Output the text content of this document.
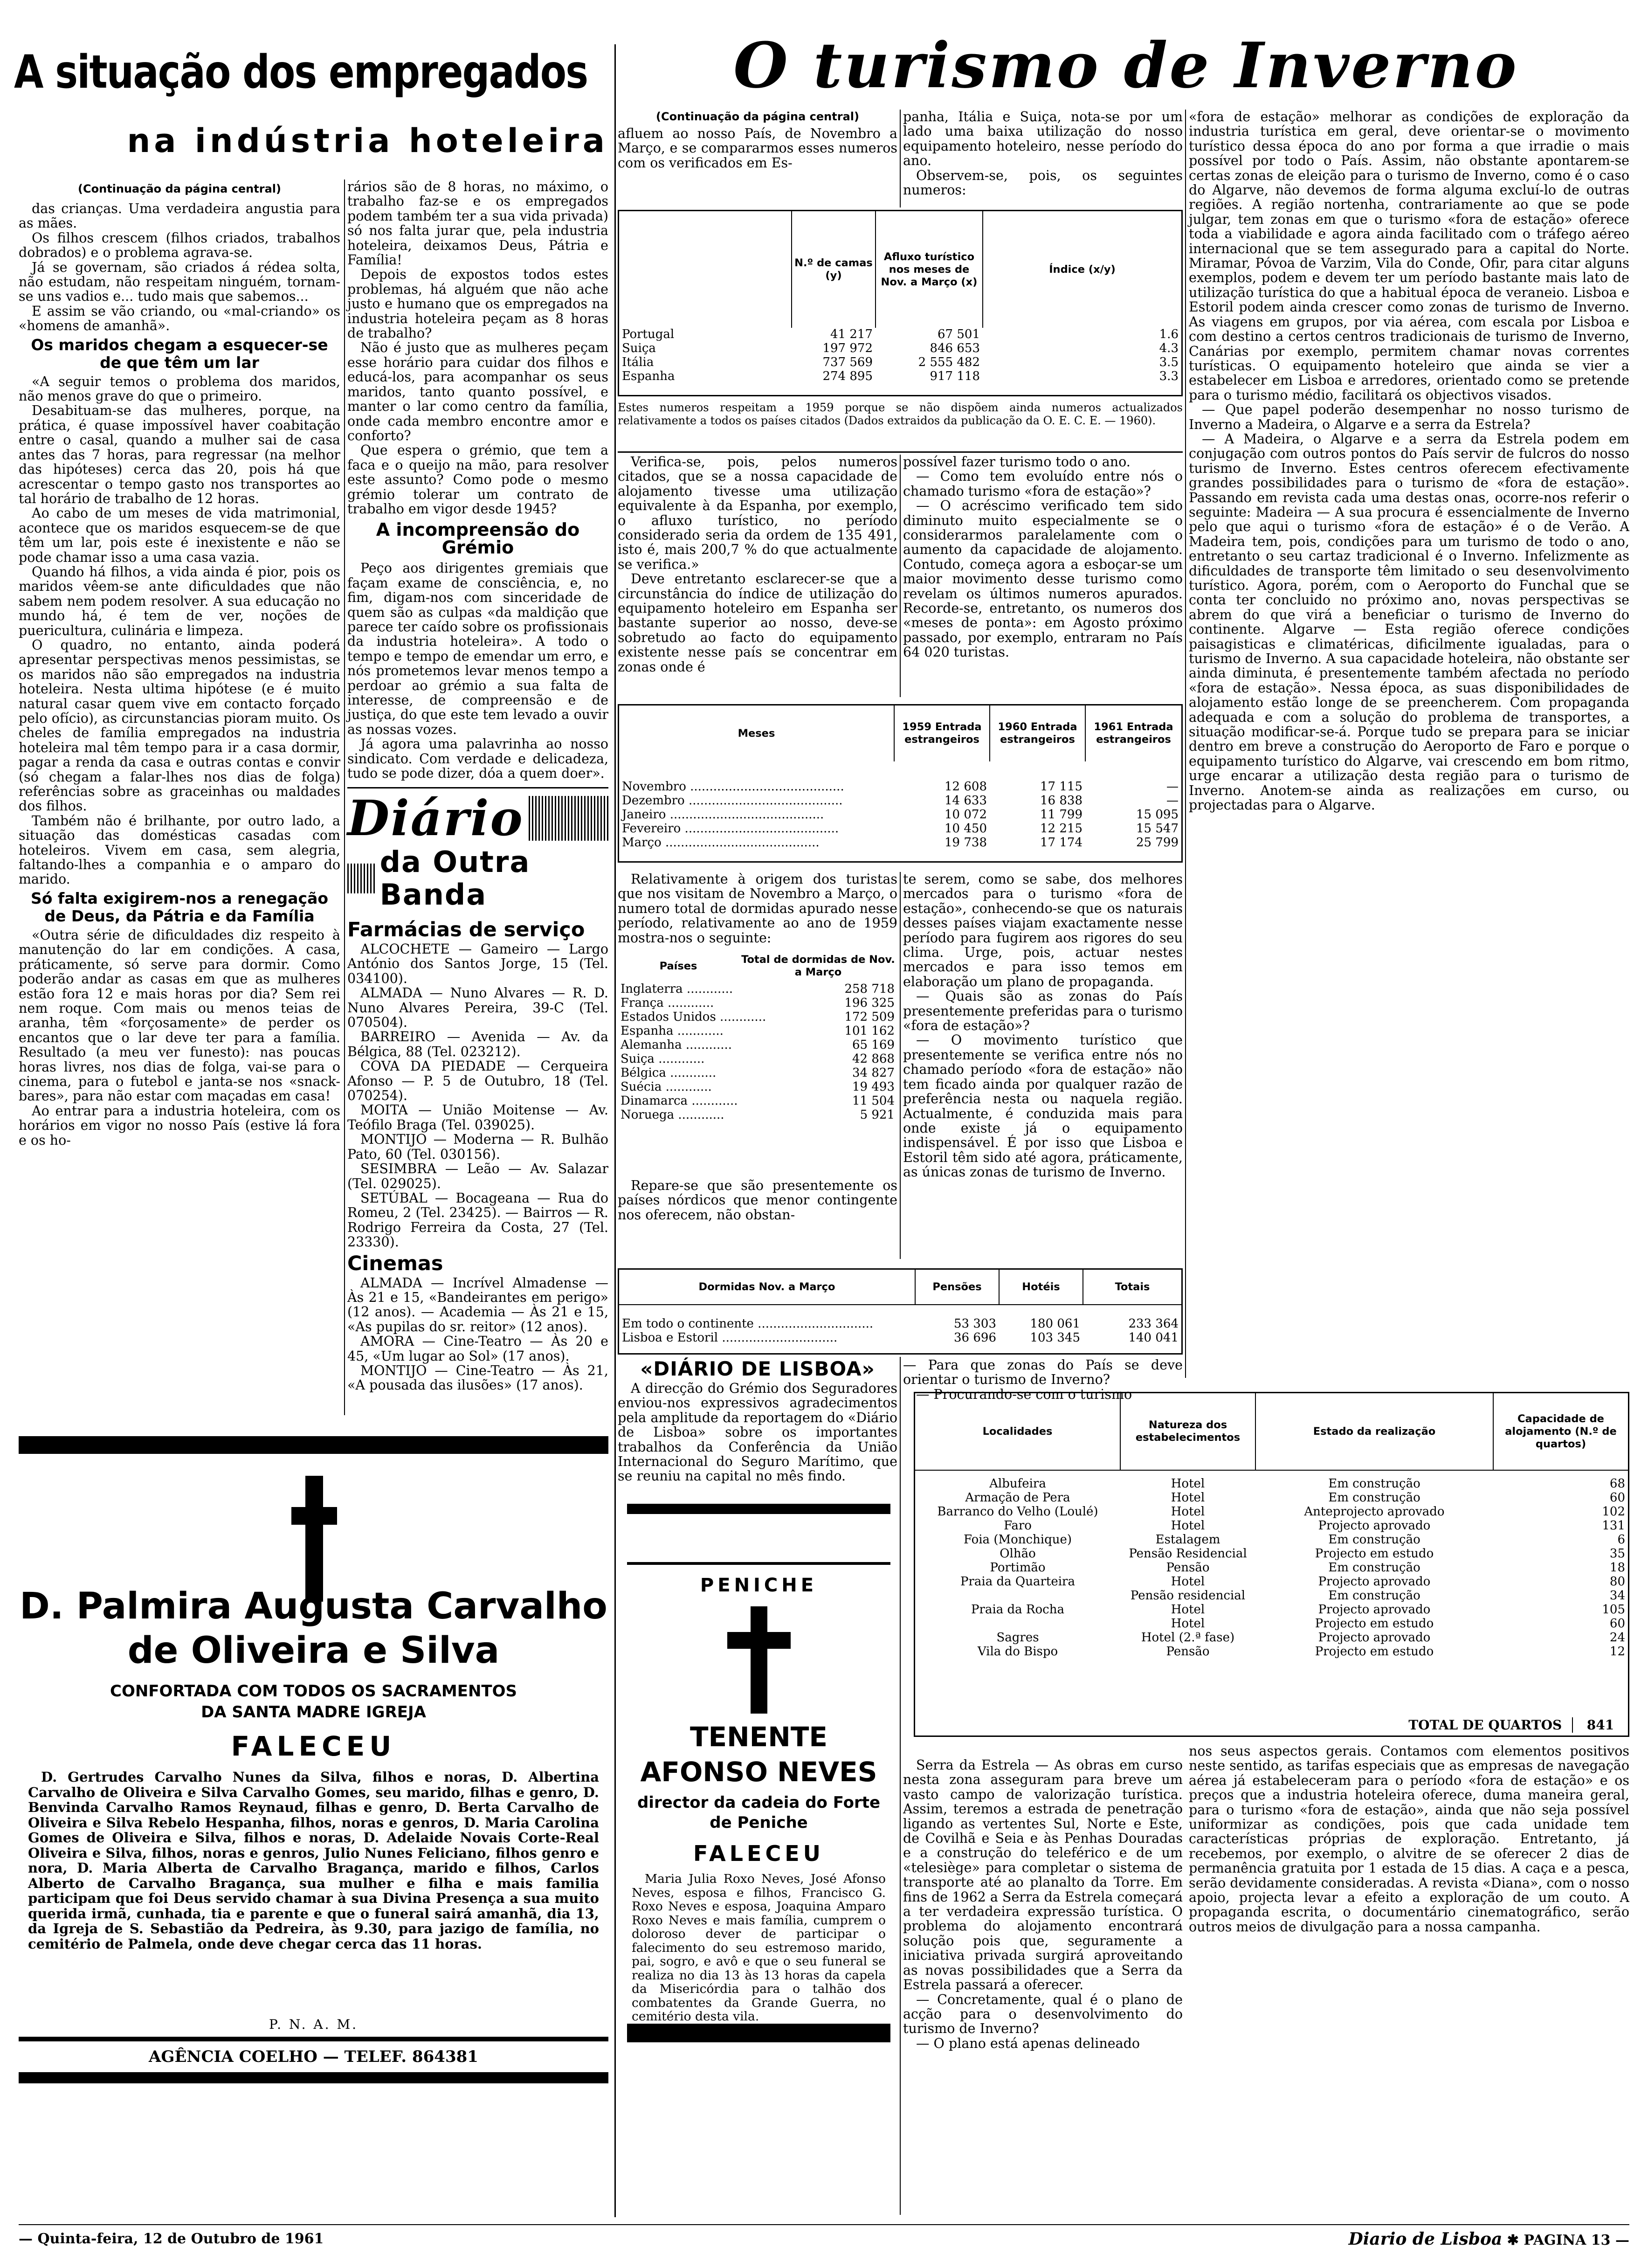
A situação dos empregados
na indústria hoteleira
(Continuação da página central)

das crianças. Uma verdadeira angustia para as mães.

Os filhos crescem (filhos criados, trabalhos dobrados) e o problema agrava-se.

Já se governam, são criados á rédea solta, não estudam, não respeitam ninguém, tornam-se uns vadios e... tudo mais que sabemos...

E assim se vão criando, ou «mal-criando» os «homens de amanhã».

Os maridos chegam a esquecer-se de que têm um lar

«A seguir temos o problema dos maridos, não menos grave do que o primeiro.

Desabituam-se das mulheres, porque, na prática, é quase impossível haver coabitação entre o casal, quando a mulher sai de casa antes das 7 horas, para regressar (na melhor das hipóteses) cerca das 20, pois há que acrescentar o tempo gasto nos transportes ao tal horário de trabalho de 12 horas.

Ao cabo de um meses de vida matrimonial, acontece que os maridos esquecem-se de que têm um lar, pois este é inexistente e não se pode chamar isso a uma casa vazia.

Quando há filhos, a vida ainda é pior, pois os maridos vêem-se ante dificuldades que não sabem nem podem resolver. A sua educação no mundo há, é tem de ver, noções de puericultura, culinária e limpeza.

O quadro, no entanto, ainda poderá apresentar perspectivas menos pessimistas, se os maridos não são empregados na industria hoteleira. Nesta ultima hipótese (e é muito natural casar quem vive em contacto forçado pelo ofício), as circunstancias pioram muito. Os cheles de família empregados na industria hoteleira mal têm tempo para ir a casa dormir, pagar a renda da casa e outras contas e convir (só chegam a falar-lhes nos dias de folga) referências sobre as graceinhas ou maldades dos filhos.

Também não é brilhante, por outro lado, a situação das domésticas casadas com hoteleiros. Vivem em casa, sem alegria, faltando-lhes a companhia e o amparo do marido.

Só falta exigirem-nos a renegação de Deus, da Pátria e da Família

«Outra série de dificuldades diz respeito à manutenção do lar em condições. A casa, práticamente, só serve para dormir. Como poderão andar as casas em que as mulheres estão fora 12 e mais horas por dia? Sem rei nem roque. Com mais ou menos teias de aranha, têm «forçosamente» de perder os encantos que o lar deve ter para a família. Resultado (a meu ver funesto): nas poucas horas livres, nos dias de folga, vai-se para o cinema, para o futebol e janta-se nos «snack-bares», para não estar com maçadas em casa!

Ao entrar para a industria hoteleira, com os horários em vigor no nosso País (estive lá fora e os ho-

rários são de 8 horas, no máximo, o trabalho faz-se e os empregados podem também ter a sua vida privada) só nos falta jurar que, pela industria hoteleira, deixamos Deus, Pátria e Família!

Depois de expostos todos estes problemas, há alguém que não ache justo e humano que os empregados na industria hoteleira peçam as 8 horas de trabalho?

Não é justo que as mulheres peçam esse horário para cuidar dos filhos e educá-los, para acompanhar os seus maridos, tanto quanto possível, e manter o lar como centro da família, onde cada membro encontre amor e conforto?

Que espera o grémio, que tem a faca e o queijo na mão, para resolver este assunto? Como pode o mesmo grémio tolerar um contrato de trabalho em vigor desde 1945?

A incompreensão do Grémio

Peço aos dirigentes gremiais que façam exame de consciência, e, no fim, digam-nos com sinceridade de quem são as culpas «da maldição que parece ter caído sobre os profissionais da industria hoteleira». A todo o tempo e tempo de emendar um erro, e nós prometemos levar menos tempo a perdoar ao grémio a sua falta de interesse, de compreensão e de justiça, do que este tem levado a ouvir as nossas vozes.

Já agora uma palavrinha ao nosso sindicato. Com verdade e delicadeza, tudo se pode dizer, dóa a quem doer».

Diário
da Outra Banda
Farmácias de serviço

ALCOCHETE — Gameiro — Largo António dos Santos Jorge, 15 (Tel. 034100).

ALMADA — Nuno Alvares — R. D. Nuno Alvares Pereira, 39-C (Tel. 070504).

BARREIRO — Avenida — Av. da Bélgica, 88 (Tel. 023212).

COVA DA PIEDADE — Cerqueira Afonso — P. 5 de Outubro, 18 (Tel. 070254).

MOITA — União Moitense — Av. Teófilo Braga (Tel. 039025).

MONTIJO — Moderna — R. Bulhão Pato, 60 (Tel. 030156).

SESIMBRA — Leão — Av. Salazar (Tel. 029025).

SETÚBAL — Bocageana — Rua do Romeu, 2 (Tel. 23425). — Bairros — R. Rodrigo Ferreira da Costa, 27 (Tel. 23330).

Cinemas

ALMADA — Incrível Almadense — Às 21 e 15, «Bandeirantes em perigo» (12 anos). — Academia — Às 21 e 15, «As pupilas do sr. reitor» (12 anos).

AMORA — Cine-Teatro — Às 20 e 45, «Um lugar ao Sol» (17 anos).

MONTIJO — Cine-Teatro — Às 21, «A pousada das ilusões» (17 anos).

D. Palmira Augusta Carvalho
de Oliveira e Silva
CONFORTADA COM TODOS OS SACRAMENTOS
DA SANTA MADRE IGREJA
FALECEU

D. Gertrudes Carvalho Nunes da Silva, filhos e noras, D. Albertina Carvalho de Oliveira e Silva Carvalho Gomes, seu marido, filhas e genro, D. Benvinda Carvalho Ramos Reynaud, filhas e genro, D. Berta Carvalho de Oliveira e Silva Rebelo Hespanha, filhos, noras e genros, D. Maria Carolina Gomes de Oliveira e Silva, filhos e noras, D. Adelaide Novais Corte-Real Oliveira e Silva, filhos, noras e genros, Julio Nunes Feliciano, filhos genro e nora, D. Maria Alberta de Carvalho Bragança, marido e filhos, Carlos Alberto de Carvalho Bragança, sua mulher e filha e mais familia participam que foi Deus servido chamar à sua Divina Presença a sua muito querida irmã, cunhada, tia e parente e que o funeral sairá amanhã, dia 13, da Igreja de S. Sebastião da Pedreira, às 9.30, para jazigo de família, no cemitério de Palmela, onde deve chegar cerca das 11 horas.

P. N. A. M.
AGÊNCIA COELHO — TELEF. 864381
O turismo de Inverno
(Continuação da página central)

afluem ao nosso País, de Novembro a Março, e se compararmos esses numeros com os verificados em Es-

panha, Itália e Suiça, nota-se por um lado uma baixa utilização do nosso equipamento hoteleiro, nesse período do ano.

Observem-se, pois, os seguintes numeros:

	N.º de camas (y)	Afluxo turístico nos meses de Nov. a Março (x)	Índice (x/y)
Portugal	41 217	67 501	1.6
Suiça	197 972	846 653	4.3
Itália	737 569	2 555 482	3.5
Espanha	274 895	917 118	3.3
Estes numeros respeitam a 1959 porque se não dispõem ainda numeros actualizados relativamente a todos os países citados (Dados extraidos da publicação da O. E. C. E. — 1960).

Verifica-se, pois, pelos numeros citados, que se a nossa capacidade de alojamento tivesse uma utilização equivalente à da Espanha, por exemplo, o afluxo turístico, no período considerado seria da ordem de 135 491, isto é, mais 200,7 % do que actualmente se verifica.»

Deve entretanto esclarecer-se que a circunstância do índice de utilização do equipamento hoteleiro em Espanha ser bastante superior ao nosso, deve-se sobretudo ao facto do equipamento existente nesse país se concentrar em zonas onde é

possível fazer turismo todo o ano.

— Como tem evoluído entre nós o chamado turismo «fora de estação»?

— O acréscimo verificado tem sido diminuto muito especialmente se o considerarmos paralelamente com o aumento da capacidade de alojamento. Contudo, começa agora a esboçar-se um maior movimento desse turismo como revelam os últimos numeros apurados. Recorde-se, entretanto, os numeros dos «meses de ponta»: em Agosto próximo passado, por exemplo, entraram no País 64 020 turistas.

Meses	1959 Entrada estrangeiros	1960 Entrada estrangeiros	1961 Entrada estrangeiros
Novembro ........................................	12 608	17 115	—
Dezembro ........................................	14 633	16 838	—
Janeiro ........................................	10 072	11 799	15 095
Fevereiro ........................................	10 450	12 215	15 547
Março ........................................	19 738	17 174	25 799

Relativamente à origem dos turistas que nos visitam de Novembro a Março, o numero total de dormidas apurado nesse período, relativamente ao ano de 1959 mostra-nos o seguinte:

Países	Total de dormidas de Nov. a Março
Inglaterra ............	258 718
França ............	196 325
Estados Unidos ............	172 509
Espanha ............	101 162
Alemanha ............	65 169
Suiça ............	42 868
Bélgica ............	34 827
Suécia ............	19 493
Dinamarca ............	11 504
Noruega ............	5 921

Repare-se que são presentemente os países nórdicos que menor contingente nos oferecem, não obstan-

te serem, como se sabe, dos melhores mercados para o turismo «fora de estação», conhecendo-se que os naturais desses países viajam exactamente nesse período para fugirem aos rigores do seu clima. Urge, pois, actuar nestes mercados e para isso temos em elaboração um plano de propaganda.

— Quais são as zonas do País presentemente preferidas para o turismo «fora de estação»?

— O movimento turístico que presentemente se verifica entre nós no chamado período «fora de estação» não tem ficado ainda por qualquer razão de preferência nesta ou naquela região. Actualmente, é conduzida mais para onde existe já o equipamento indispensável. É por isso que Lisboa e Estoril têm sido até agora, práticamente, as únicas zonas de turismo de Inverno.

Dormidas Nov. a Março	Pensões	Hotéis	Totais
Em todo o continente ..............................	53 303	180 061	233 364
Lisboa e Estoril ..............................	36 696	103 345	140 041
«DIÁRIO DE LISBOA»

A direcção do Grémio dos Seguradores enviou-nos expressivos agradecimentos pela amplitude da reportagem do «Diário de Lisboa» sobre os importantes trabalhos da Conferência da União Internacional do Seguro Marítimo, que se reuniu na capital no mês findo.

— Para que zonas do País se deve orientar o turismo de Inverno?

— Procurando-se com o turismo

PENICHE
TENENTE
AFONSO NEVES
director da cadeia do Forte
de Peniche
FALECEU

Maria Julia Roxo Neves, José Afonso Neves, esposa e filhos, Francisco G. Roxo Neves e esposa, Joaquina Amparo Roxo Neves e mais família, cumprem o doloroso dever de participar o falecimento do seu estremoso marido, pai, sogro, e avô e que o seu funeral se realiza no dia 13 às 13 horas da capela da Misericórdia para o talhão dos combatentes da Grande Guerra, no cemitério desta vila.

Serra da Estrela — As obras em curso nesta zona asseguram para breve um vasto campo de valorização turística. Assim, teremos a estrada de penetração ligando as vertentes Sul, Norte e Este, de Covilhã e Seia e às Penhas Douradas e a construção do teleférico e de um «telesiège» para completar o sistema de transporte até ao planalto da Torre. Em fins de 1962 a Serra da Estrela começará a ter verdadeira expressão turística. O problema do alojamento encontrará solução pois que, seguramente a iniciativa privada surgirá aproveitando as novas possibilidades que a Serra da Estrela passará a oferecer.

— Concretamente, qual é o plano de acção para o desenvolvimento do turismo de Inverno?

— O plano está apenas delineado

«fora de estação» melhorar as condições de exploração da industria turística em geral, deve orientar-se o movimento turístico dessa época do ano por forma a que irradie o mais possível por todo o País. Assim, não obstante apontarem-se certas zonas de eleição para o turismo de Inverno, como é o caso do Algarve, não devemos de forma alguma excluí-lo de outras regiões. A região nortenha, contrariamente ao que se pode julgar, tem zonas em que o turismo «fora de estação» oferece toda a viabilidade e agora ainda facilitado com o tráfego aéreo internacional que se tem assegurado para a capital do Norte. Miramar, Póvoa de Varzim, Vila do Conde, Ofir, para citar alguns exemplos, podem e devem ter um período bastante mais lato de utilização turística do que a habitual época de veraneio. Lisboa e Estoril podem ainda crescer como zonas de turismo de Inverno. As viagens em grupos, por via aérea, com escala por Lisboa e com destino a certos centros tradicionais de turismo de Inverno, Canárias por exemplo, permitem chamar novas correntes turísticas. O equipamento hoteleiro que ainda se vier a estabelecer em Lisboa e arredores, orientado como se pretende para o turismo médio, facilitará os objectivos visados.

— Que papel poderão desempenhar no nosso turismo de Inverno a Madeira, o Algarve e a serra da Estrela?

— A Madeira, o Algarve e a serra da Estrela podem em conjugação com outros pontos do País servir de fulcros do nosso turismo de Inverno. Estes centros oferecem efectivamente grandes possibilidades para o turismo de «fora de estação». Passando em revista cada uma destas onas, ocorre-nos referir o seguinte: Madeira — A sua procura é essencialmente de Inverno pelo que aqui o turismo «fora de estação» é o de Verão. A Madeira tem, pois, condições para um turismo de todo o ano, entretanto o seu cartaz tradicional é o Inverno. Infelizmente as dificuldades de transporte têm limitado o seu desenvolvimento turístico. Agora, porém, com o Aeroporto do Funchal que se conta ter concluido no próximo ano, novas perspectivas se abrem do que virá a beneficiar o turismo de Inverno do continente. Algarve — Esta região oferece condições paisagisticas e climatéricas, dificilmente igualadas, para o turismo de Inverno. A sua capacidade hoteleira, não obstante ser ainda diminuta, é presentemente também afectada no período «fora de estação». Nessa época, as suas disponibilidades de alojamento estão longe de se preencherem. Com propaganda adequada e com a solução do problema de transportes, a situação modificar-se-á. Porque tudo se prepara para se iniciar dentro em breve a construção do Aeroporto de Faro e porque o equipamento turístico do Algarve, vai crescendo em bom ritmo, urge encarar a utilização desta região para o turismo de Inverno. Anotem-se ainda as realizações em curso, ou projectadas para o Algarve.

Localidades	Natureza dos estabelecimentos	Estado da realização	Capacidade de alojamento (N.º de quartos)
Albufeira	Hotel	Em construção	68
Armação de Pera	Hotel	Em construção	60
Barranco do Velho (Loulé)	Hotel	Anteprojecto aprovado	102
Faro	Hotel	Projecto aprovado	131
Foia (Monchique)	Estalagem	Em construção	6
Olhão	Pensão Residencial	Projecto em estudo	35
Portimão	Pensão	Em construção	18
Praia da Quarteira	Hotel	Projecto aprovado	80
	Pensão residencial	Em construção	34
Praia da Rocha	Hotel	Projecto aprovado	105
	Hotel	Projecto em estudo	60
Sagres	Hotel (2.ª fase)	Projecto aprovado	24
Vila do Bispo	Pensão	Projecto em estudo	12
TOTAL DE QUARTOS 841

nos seus aspectos gerais. Contamos com elementos positivos neste sentido, as tarifas especiais que as empresas de navegação aérea já estabeleceram para o período «fora de estação» e os preços que a industria hoteleira oferece, duma maneira geral, para o turismo «fora de estação», ainda que não seja possível uniformizar as condições, pois que cada unidade tem características próprias de exploração. Entretanto, já recebemos, por exemplo, o alvitre de se oferecer 2 dias de permanência gratuita por 1 estada de 15 dias. A caça e a pesca, serão devidamente consideradas. A revista «Diana», com o nosso apoio, projecta levar a efeito a exploração de um couto. A propaganda escrita, o documentário cinematográfico, serão outros meios de divulgação para a nossa campanha.

— Quinta-feira, 12 de Outubro de 1961	Diario de Lisboa ✱ PAGINA 13 —
